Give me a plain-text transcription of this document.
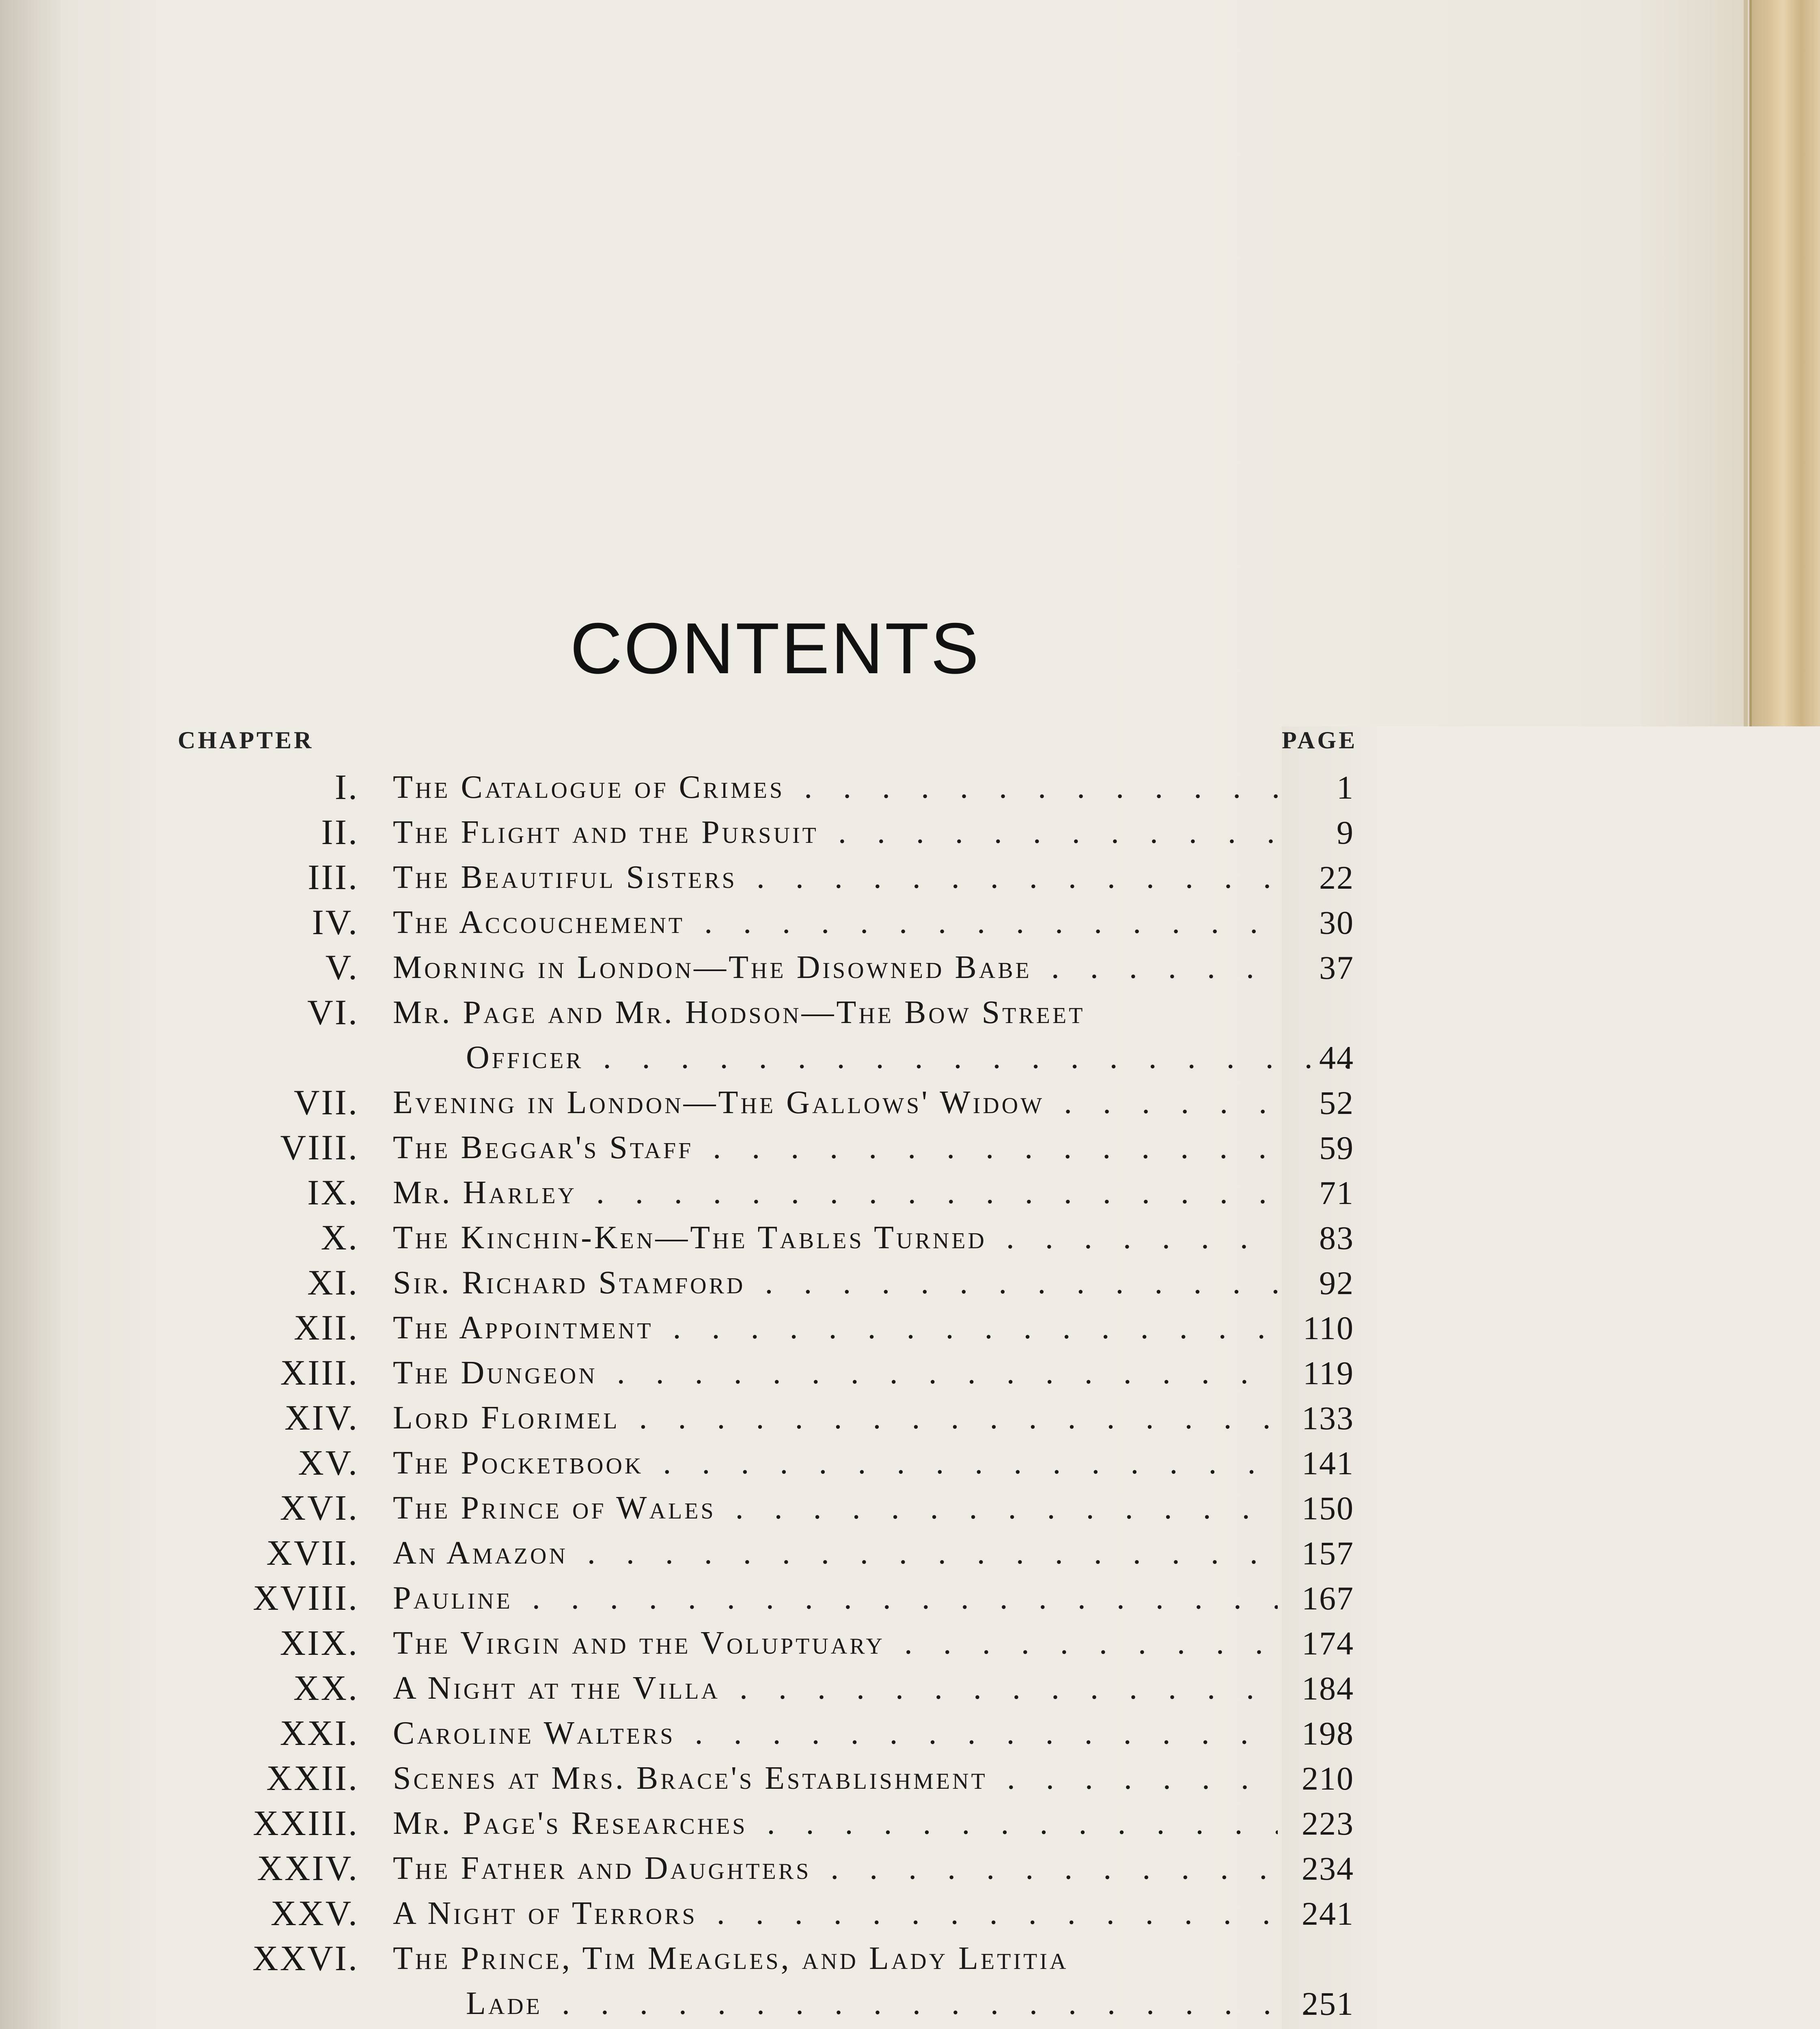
CONTENTS
CHAPTER	PAGE
I. The Catalogue of Crimes . . .	1
II. The Flight and the Pursuit . . .	9
III. The Beautiful Sisters . . .	22
IV. The Accouchement . . .	30
V. Morning in London—The Disowned Babe . . .	37
VI. Mr. Page and Mr. Hodson—The Bow Street
Officer . . .	44
VII. Evening in London—The Gallows' Widow . . .	52
VIII. The Beggar's Staff . . .	59
IX. Mr. Harley . . .	71
X. The Kinchin-Ken—The Tables Turned . . .	83
XI. Sir. Richard Stamford . . .	92
XII. The Appointment . . .	110
XIII. The Dungeon . . .	119
XIV. Lord Florimel . . .	133
XV. The Pocketbook . . .	141
XVI. The Prince of Wales . . .	150
XVII. An Amazon . . .	157
XVIII. Pauline . . .	167
XIX. The Virgin and the Voluptuary . . .	174
XX. A Night at the Villa . . .	184
XXI. Caroline Walters . . .	198
XXII. Scenes at Mrs. Brace's Establishment . . .	210
XXIII. Mr. Page's Researches . . .	223
XXIV. The Father and Daughters . . .	234
XXV. A Night of Terrors . . .	241
XXVI. The Prince, Tim Meagles, and Lady Letitia
Lade . . .	251
. . .
